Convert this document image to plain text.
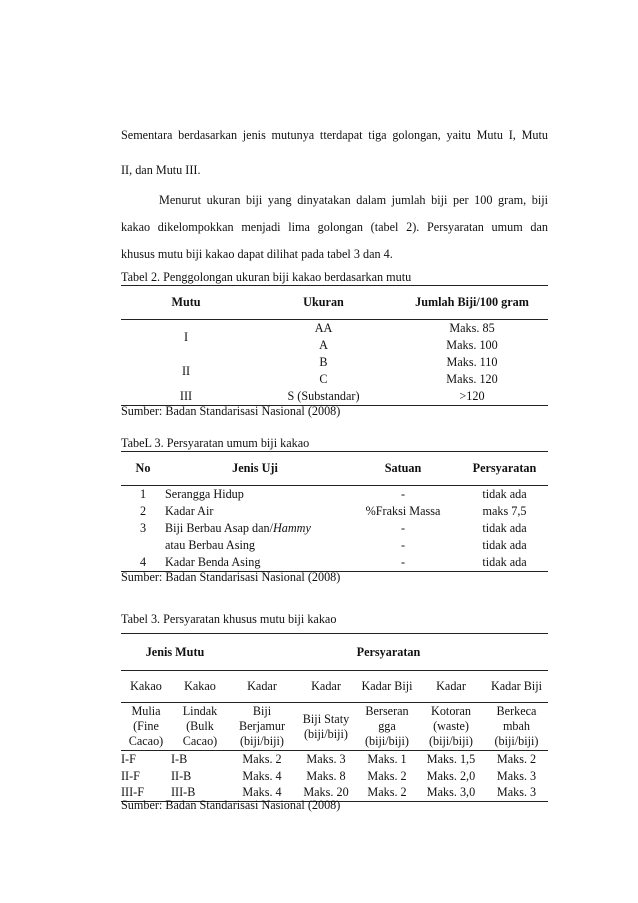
Sementara berdasarkan jenis mutunya tterdapat tiga golongan, yaitu Mutu I, Mutu
II, dan Mutu III.
Menurut ukuran biji yang dinyatakan dalam jumlah biji per 100 gram, biji
kakao dikelompokkan menjadi lima golongan (tabel 2). Persyaratan umum dan
khusus mutu biji kakao dapat dilihat pada tabel 3 dan 4.
Tabel 2. Penggolongan ukuran biji kakao berdasarkan mutu
Mutu	Ukuran	Jumlah Biji/100 gram
I	AA	Maks. 85
	A	Maks. 100
II	B	Maks. 110
	C	Maks. 120
III	S (Substandar)	>120
Sumber: Badan Standarisasi Nasional (2008)
TabeL 3. Persyaratan umum biji kakao
No	Jenis Uji	Satuan	Persyaratan
1	Serangga Hidup	-	tidak ada
2	Kadar Air	%Fraksi Massa	maks 7,5
3	Biji Berbau Asap dan/Hammy	-	tidak ada
	atau Berbau Asing	-	tidak ada
4	Kadar Benda Asing	-	tidak ada
Sumber: Badan Standarisasi Nasional (2008)
Tabel 3. Persyaratan khusus mutu biji kakao
Jenis Mutu		Persyaratan				
Kakao	Kakao	Kadar	Kadar	Kadar Biji	Kadar	Kadar Biji
Mulia (Fine Cacao)	Lindak (Bulk Cacao)	Biji Berjamur (biji/biji)	Biji Staty (biji/biji)	Berseran gga (biji/biji)	Kotoran (waste) (biji/biji)	Berkeca mbah (biji/biji)
I-F	I-B	Maks. 2	Maks. 3	Maks. 1	Maks. 1,5	Maks. 2
II-F	II-B	Maks. 4	Maks. 8	Maks. 2	Maks. 2,0	Maks. 3
III-F	III-B	Maks. 4	Maks. 20	Maks. 2	Maks. 3,0	Maks. 3
Sumber: Badan Standarisasi Nasional (2008)
